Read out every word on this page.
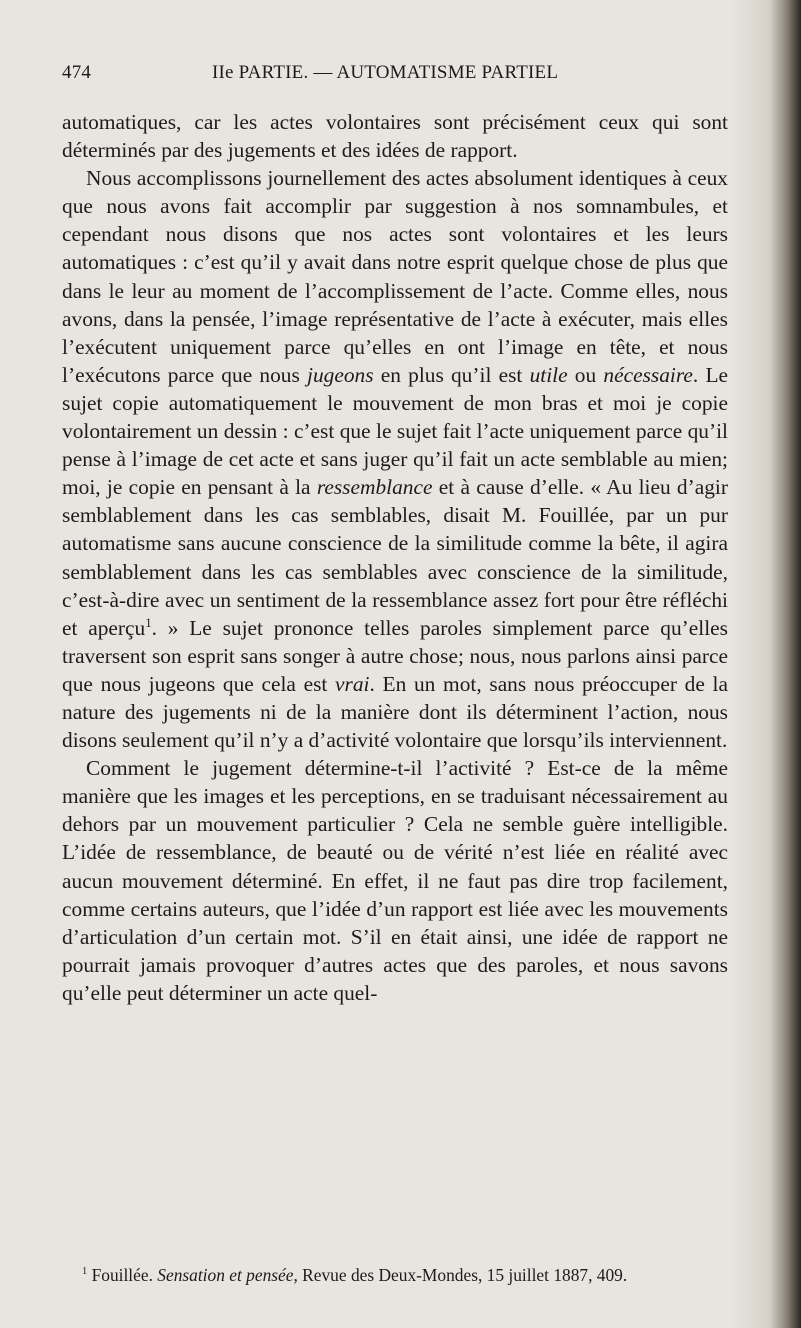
474	IIe PARTIE. — AUTOMATISME PARTIEL

automatiques, car les actes volontaires sont précisément ceux qui sont déterminés par des jugements et des idées de rapport.

Nous accomplissons journellement des actes absolument identiques à ceux que nous avons fait accomplir par suggestion à nos somnambules, et cependant nous disons que nos actes sont volontaires et les leurs automatiques : c’est qu’il y avait dans notre esprit quelque chose de plus que dans le leur au moment de l’accomplissement de l’acte. Comme elles, nous avons, dans la pensée, l’image représentative de l’acte à exécuter, mais elles l’exécutent uniquement parce qu’elles en ont l’image en tête, et nous l’exécutons parce que nous jugeons en plus qu’il est utile ou nécessaire. Le sujet copie automatiquement le mouvement de mon bras et moi je copie volontairement un dessin : c’est que le sujet fait l’acte uniquement parce qu’il pense à l’image de cet acte et sans juger qu’il fait un acte semblable au mien; moi, je copie en pensant à la ressemblance et à cause d’elle. « Au lieu d’agir semblablement dans les cas semblables, disait M. Fouillée, par un pur automatisme sans aucune conscience de la similitude comme la bête, il agira semblablement dans les cas semblables avec conscience de la similitude, c’est-à-dire avec un sentiment de la ressemblance assez fort pour être réfléchi et aperçu$^1$. » Le sujet prononce telles paroles simplement parce qu’elles traversent son esprit sans songer à autre chose; nous, nous parlons ainsi parce que nous jugeons que cela est vrai. En un mot, sans nous préoccuper de la nature des jugements ni de la manière dont ils déterminent l’action, nous disons seulement qu’il n’y a d’activité volontaire que lorsqu’ils interviennent.

Comment le jugement détermine-t-il l’activité ? Est-ce de la même manière que les images et les perceptions, en se traduisant nécessairement au dehors par un mouvement particulier ? Cela ne semble guère intelligible. L’idée de ressemblance, de beauté ou de vérité n’est liée en réalité avec aucun mouvement déterminé. En effet, il ne faut pas dire trop facilement, comme certains auteurs, que l’idée d’un rapport est liée avec les mouvements d’articulation d’un certain mot. S’il en était ainsi, une idée de rapport ne pourrait jamais provoquer d’autres actes que des paroles, et nous savons qu’elle peut déterminer un acte quel-

$^1$ Fouillée. Sensation et pensée, Revue des Deux-Mondes, 15 juillet 1887, 409.
